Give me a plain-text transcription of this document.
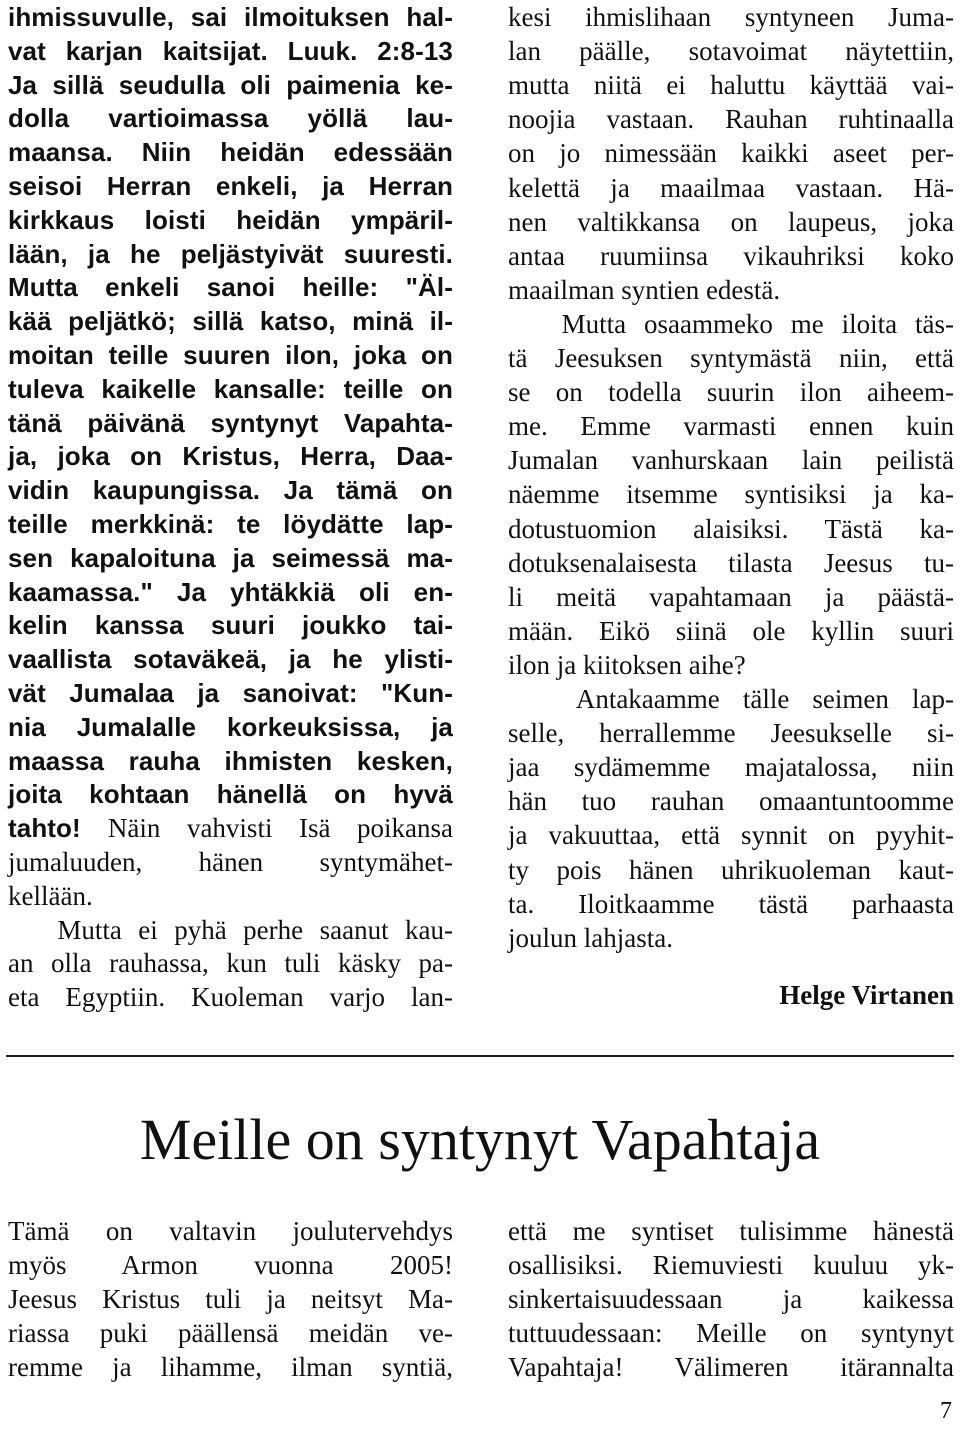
ihmissuvulle, sai ilmoituksen hal-
vat karjan kaitsijat. Luuk. 2:8-13
Ja sillä seudulla oli paimenia ke-
dolla vartioimassa yöllä lau-
maansa. Niin heidän edessään
seisoi Herran enkeli, ja Herran
kirkkaus loisti heidän ympäril-
lään, ja he peljästyivät suuresti.
Mutta enkeli sanoi heille: "Äl-
kää peljätkö; sillä katso, minä il-
moitan teille suuren ilon, joka on
tuleva kaikelle kansalle: teille on
tänä päivänä syntynyt Vapahta-
ja, joka on Kristus, Herra, Daa-
vidin kaupungissa. Ja tämä on
teille merkkinä: te löydätte lap-
sen kapaloituna ja seimessä ma-
kaamassa." Ja yhtäkkiä oli en-
kelin kanssa suuri joukko tai-
vaallista sotaväkeä, ja he ylisti-
vät Jumalaa ja sanoivat: "Kun-
nia Jumalalle korkeuksissa, ja
maassa rauha ihmisten kesken,
joita kohtaan hänellä on hyvä
tahto! Näin vahvisti Isä poikansa
jumaluuden, hänen syntymähet-
kellään.
Mutta ei pyhä perhe saanut kau-
an olla rauhassa, kun tuli käsky pa-
eta Egyptiin. Kuoleman varjo lan-
kesi ihmislihaan syntyneen Juma-
lan päälle, sotavoimat näytettiin,
mutta niitä ei haluttu käyttää vai-
noojia vastaan. Rauhan ruhtinaalla
on jo nimessään kaikki aseet per-
kelettä ja maailmaa vastaan. Hä-
nen valtikkansa on laupeus, joka
antaa ruumiinsa vikauhriksi koko
maailman syntien edestä.
Mutta osaammeko me iloita täs-
tä Jeesuksen syntymästä niin, että
se on todella suurin ilon aiheem-
me. Emme varmasti ennen kuin
Jumalan vanhurskaan lain peilistä
näemme itsemme syntisiksi ja ka-
dotustuomion alaisiksi. Tästä ka-
dotuksenalaisesta tilasta Jeesus tu-
li meitä vapahtamaan ja päästä-
mään. Eikö siinä ole kyllin suuri
ilon ja kiitoksen aihe?
Antakaamme tälle seimen lap-
selle, herrallemme Jeesukselle si-
jaa sydämemme majatalossa, niin
hän tuo rauhan omaantuntoomme
ja vakuuttaa, että synnit on pyyhit-
ty pois hänen uhrikuoleman kaut-
ta. Iloitkaamme tästä parhaasta
joulun lahjasta.
Helge Virtanen
Meille on syntynyt Vapahtaja
Tämä on valtavin joulutervehdys
myös Armon vuonna 2005!
Jeesus Kristus tuli ja neitsyt Ma-
riassa puki päällensä meidän ve-
remme ja lihamme, ilman syntiä,
että me syntiset tulisimme hänestä
osallisiksi. Riemuviesti kuuluu yk-
sinkertaisuudessaan ja kaikessa
tuttuudessaan: Meille on syntynyt
Vapahtaja! Välimeren itärannalta
7
